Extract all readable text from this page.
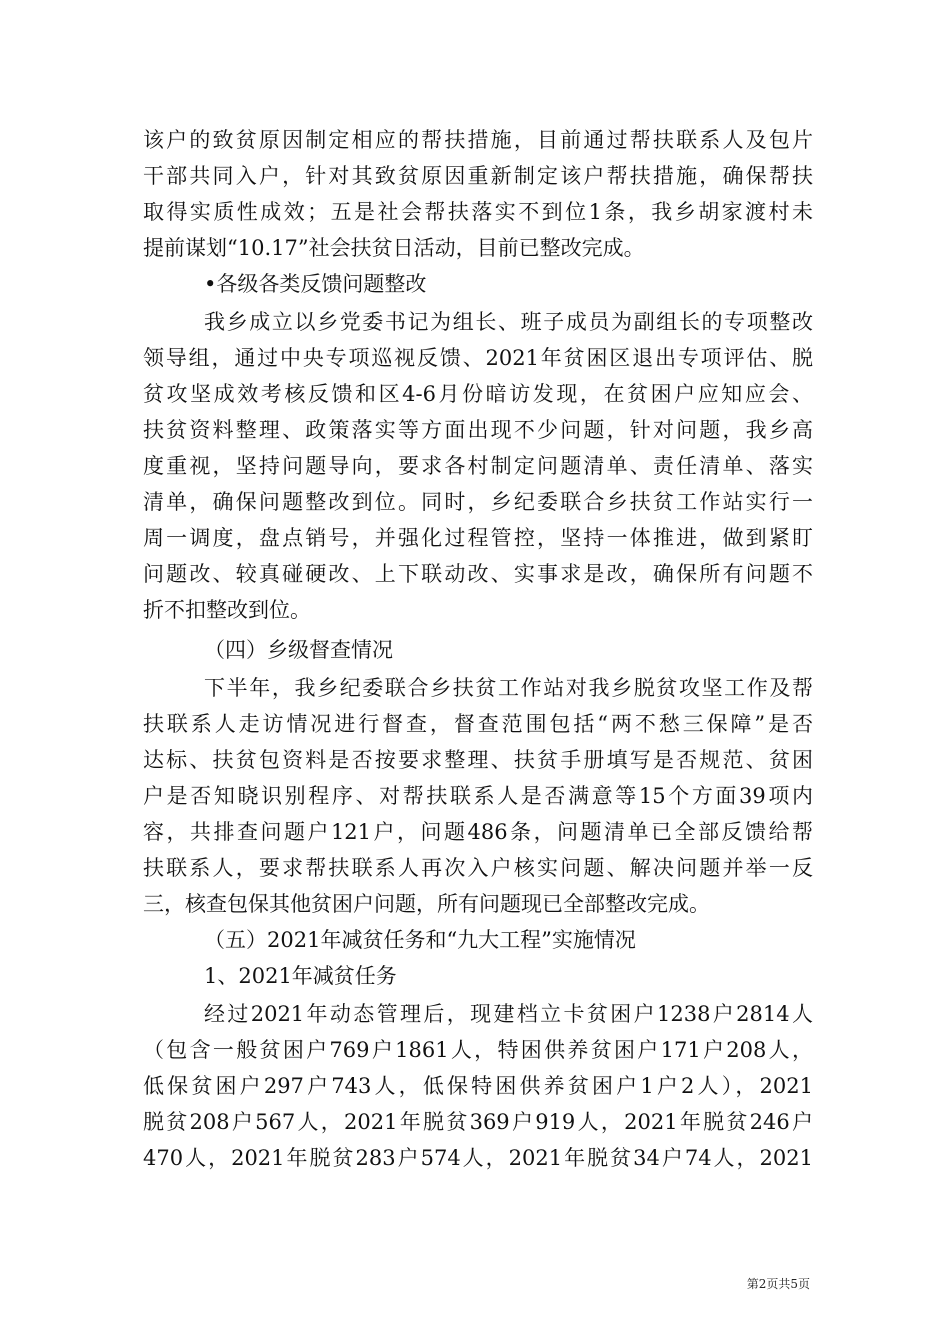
该户的致贫原因制定相应的帮扶措施，目前通过帮扶联系人及包片
干部共同入户，针对其致贫原因重新制定该户帮扶措施，确保帮扶
取得实质性成效；五是社会帮扶落实不到位1条，我乡胡家渡村未
提前谋划“10.17”社会扶贫日活动，目前已整改完成。
•各级各类反馈问题整改
我乡成立以乡党委书记为组长、班子成员为副组长的专项整改
领导组，通过中央专项巡视反馈、2021年贫困区退出专项评估、脱
贫攻坚成效考核反馈和区4-6月份暗访发现，在贫困户应知应会、
扶贫资料整理、政策落实等方面出现不少问题，针对问题，我乡高
度重视，坚持问题导向，要求各村制定问题清单、责任清单、落实
清单，确保问题整改到位。同时，乡纪委联合乡扶贫工作站实行一
周一调度，盘点销号，并强化过程管控，坚持一体推进，做到紧盯
问题改、较真碰硬改、上下联动改、实事求是改，确保所有问题不
折不扣整改到位。
（四）乡级督查情况
下半年，我乡纪委联合乡扶贫工作站对我乡脱贫攻坚工作及帮
扶联系人走访情况进行督查，督查范围包括“两不愁三保障”是否
达标、扶贫包资料是否按要求整理、扶贫手册填写是否规范、贫困
户是否知晓识别程序、对帮扶联系人是否满意等15个方面39项内
容，共排查问题户121户，问题486条，问题清单已全部反馈给帮
扶联系人，要求帮扶联系人再次入户核实问题、解决问题并举一反
三，核查包保其他贫困户问题，所有问题现已全部整改完成。
（五）2021年减贫任务和“九大工程”实施情况
1、2021年减贫任务
经过2021年动态管理后，现建档立卡贫困户1238户2814人
（包含一般贫困户769户1861人，特困供养贫困户171户208人，
低保贫困户297户743人，低保特困供养贫困户1户2人），2021
脱贫208户567人，2021年脱贫369户919人，2021年脱贫246户
470人，2021年脱贫283户574人，2021年脱贫34户74人，2021
第2页共5页
